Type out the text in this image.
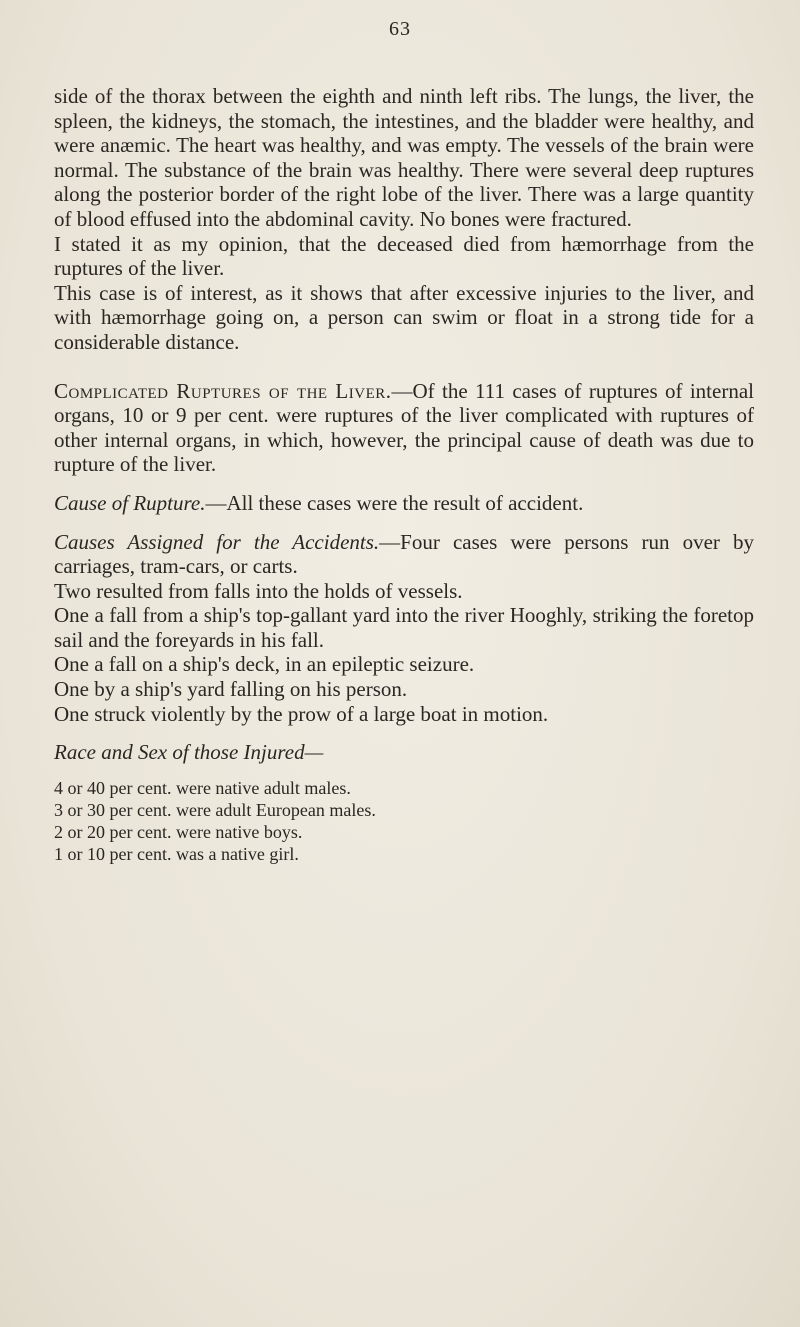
63

side of the thorax between the eighth and ninth left ribs. The lungs, the liver, the spleen, the kidneys, the stomach, the intestines, and the bladder were healthy, and were anæmic. The heart was healthy, and was empty. The vessels of the brain were normal. The substance of the brain was healthy. There were several deep ruptures along the posterior border of the right lobe of the liver. There was a large quantity of blood effused into the abdominal cavity. No bones were fractured.

I stated it as my opinion, that the deceased died from hæmorrhage from the ruptures of the liver.

This case is of interest, as it shows that after excessive injuries to the liver, and with hæmorrhage going on, a person can swim or float in a strong tide for a considerable distance.

Complicated Ruptures of the Liver.—Of the 111 cases of ruptures of internal organs, 10 or 9 per cent. were ruptures of the liver complicated with ruptures of other internal organs, in which, however, the principal cause of death was due to rupture of the liver.

Cause of Rupture.—All these cases were the result of accident.

Causes Assigned for the Accidents.—Four cases were persons run over by carriages, tram-cars, or carts.

Two resulted from falls into the holds of vessels.

One a fall from a ship's top-gallant yard into the river Hooghly, striking the foretop sail and the foreyards in his fall.

One a fall on a ship's deck, in an epileptic seizure.

One by a ship's yard falling on his person.

One struck violently by the prow of a large boat in motion.

Race and Sex of those Injured—

4 or 40 per cent. were native adult males.

3 or 30 per cent. were adult European males.

2 or 20 per cent. were native boys.

1 or 10 per cent. was a native girl.
